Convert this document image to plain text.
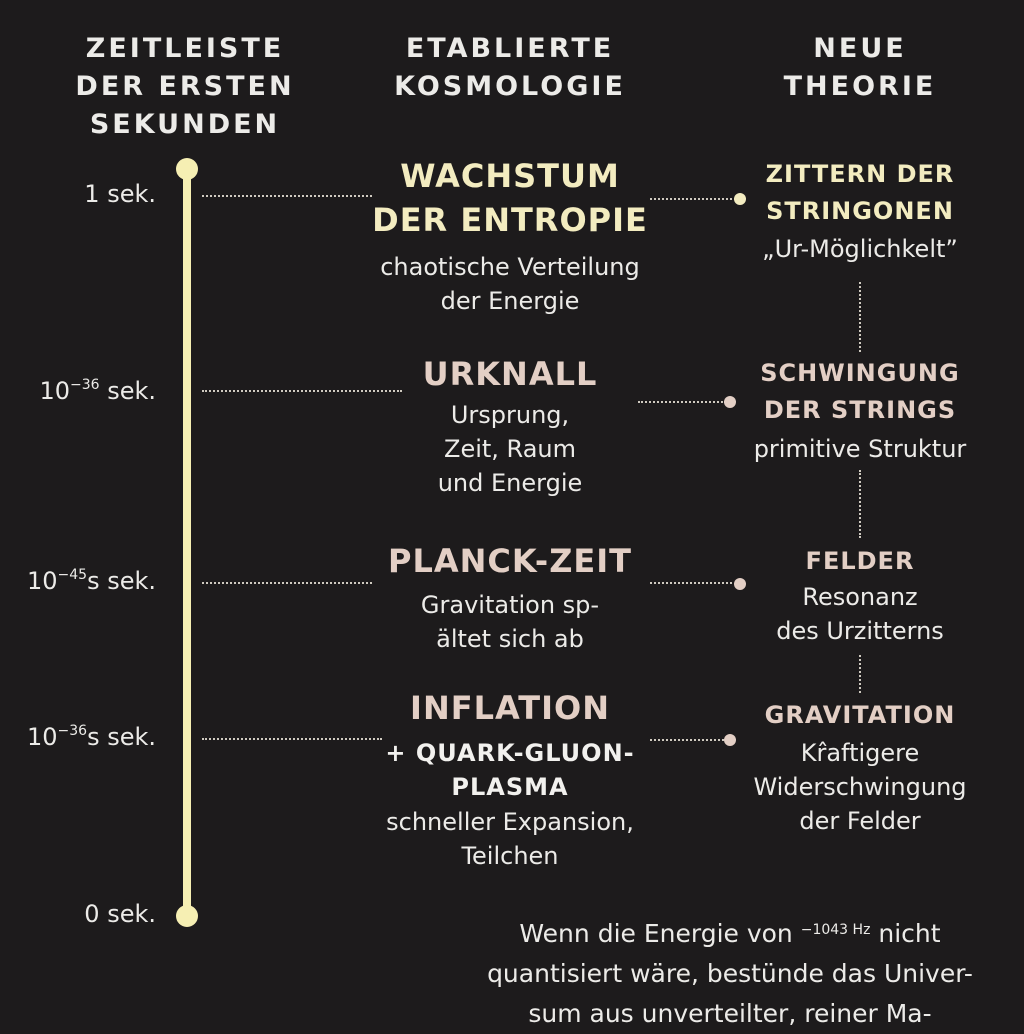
ZEITLEISTE
DER ERSTEN
SEKUNDEN
ETABLIERTE
KOSMOLOGIE
NEUE
THEORIE
1 sek.
$10^{-36}$ sek.
$10^{-45}s$ sek.
$10^{-36}s$ sek.
0 sek.
WACHSTUM
DER ENTROPIE
chaotische Verteilung
der Energie
URKNALL
Ursprung,
Zeit, Raum
und Energie
PLANCK-ZEIT
Gravitation sp-
ältet sich ab
INFLATION
+ QUARK-GLUON-
PLASMA
schneller Expansion,
Teilchen
ZITTERN DER
STRINGONEN
„Ur-Möglichkelt”
SCHWINGUNG
DER STRINGS
primitive Struktur
FELDER
Resonanz
des Urzitterns
GRAVITATION
Kr̂aftigere
Widerschwingung
der Felder
Wenn die Energie von $^{-1043 Hz}$ nicht
quantisiert wäre, bestünde das Univer-
sum aus unverteilter, reiner Ma-
